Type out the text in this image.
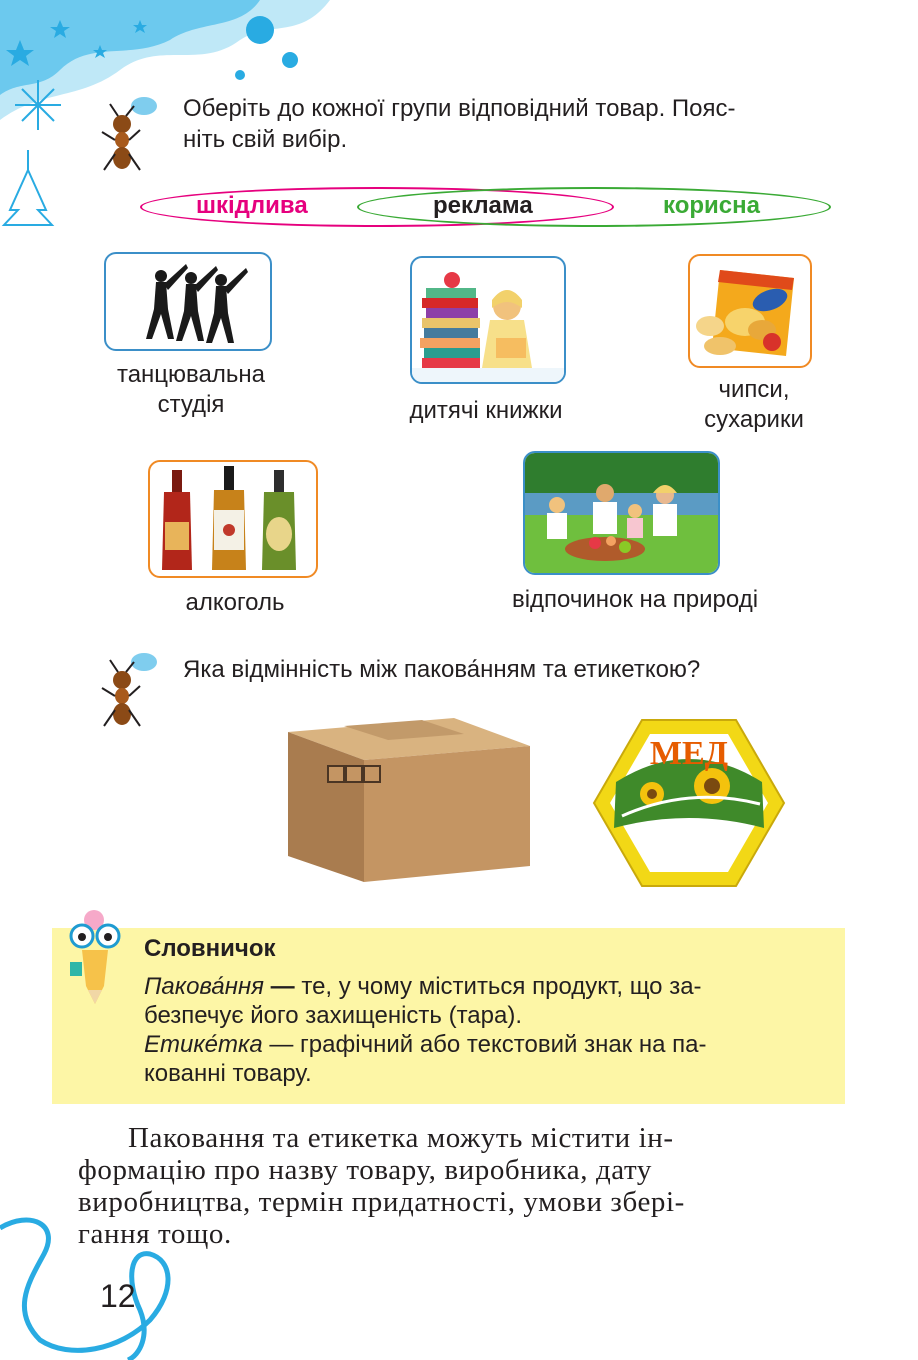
Оберіть до кожної групи відповідний товар. Пояс-
ніть свій вибір.
шкідлива	реклама	корисна
танцювальна
студія	дитячі книжки
чипси,
сухарики
алкоголь	відпочинок на природі
Яка відмінність між пакова́нням та етикеткою?
МЕД
Словничок
Пакова́ння — те, у чому міститься продукт, що за-
безпечує його захищеність (тара).
Етике́тка — графічний або текстовий знак на па-
кованні товару.
Паковання та етикетка можуть містити ін-
формацію про назву товару, виробника, дату
виробництва, термін придатності, умови збері-
гання тощо.
12
